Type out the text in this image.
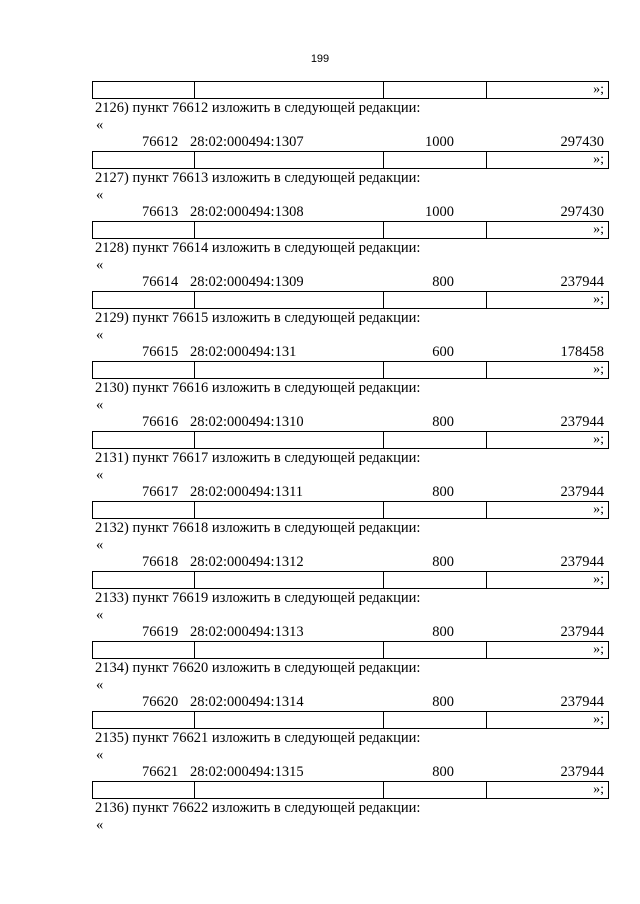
199
			»;
2126) пункт 76612 изложить в следующей редакции:
«
76612 28:02:000494:1307	1000	297430
			»;
2127) пункт 76613 изложить в следующей редакции:
«
76613 28:02:000494:1308	1000	297430
			»;
2128) пункт 76614 изложить в следующей редакции:
«
76614 28:02:000494:1309	800	237944
			»;
2129) пункт 76615 изложить в следующей редакции:
«
76615 28:02:000494:131	600	178458
			»;
2130) пункт 76616 изложить в следующей редакции:
«
76616 28:02:000494:1310	800	237944
			»;
2131) пункт 76617 изложить в следующей редакции:
«
76617 28:02:000494:1311	800	237944
			»;
2132) пункт 76618 изложить в следующей редакции:
«
76618 28:02:000494:1312	800	237944
			»;
2133) пункт 76619 изложить в следующей редакции:
«
76619 28:02:000494:1313	800	237944
			»;
2134) пункт 76620 изложить в следующей редакции:
«
76620 28:02:000494:1314	800	237944
			»;
2135) пункт 76621 изложить в следующей редакции:
«
76621 28:02:000494:1315	800	237944
			»;
2136) пункт 76622 изложить в следующей редакции:
«
